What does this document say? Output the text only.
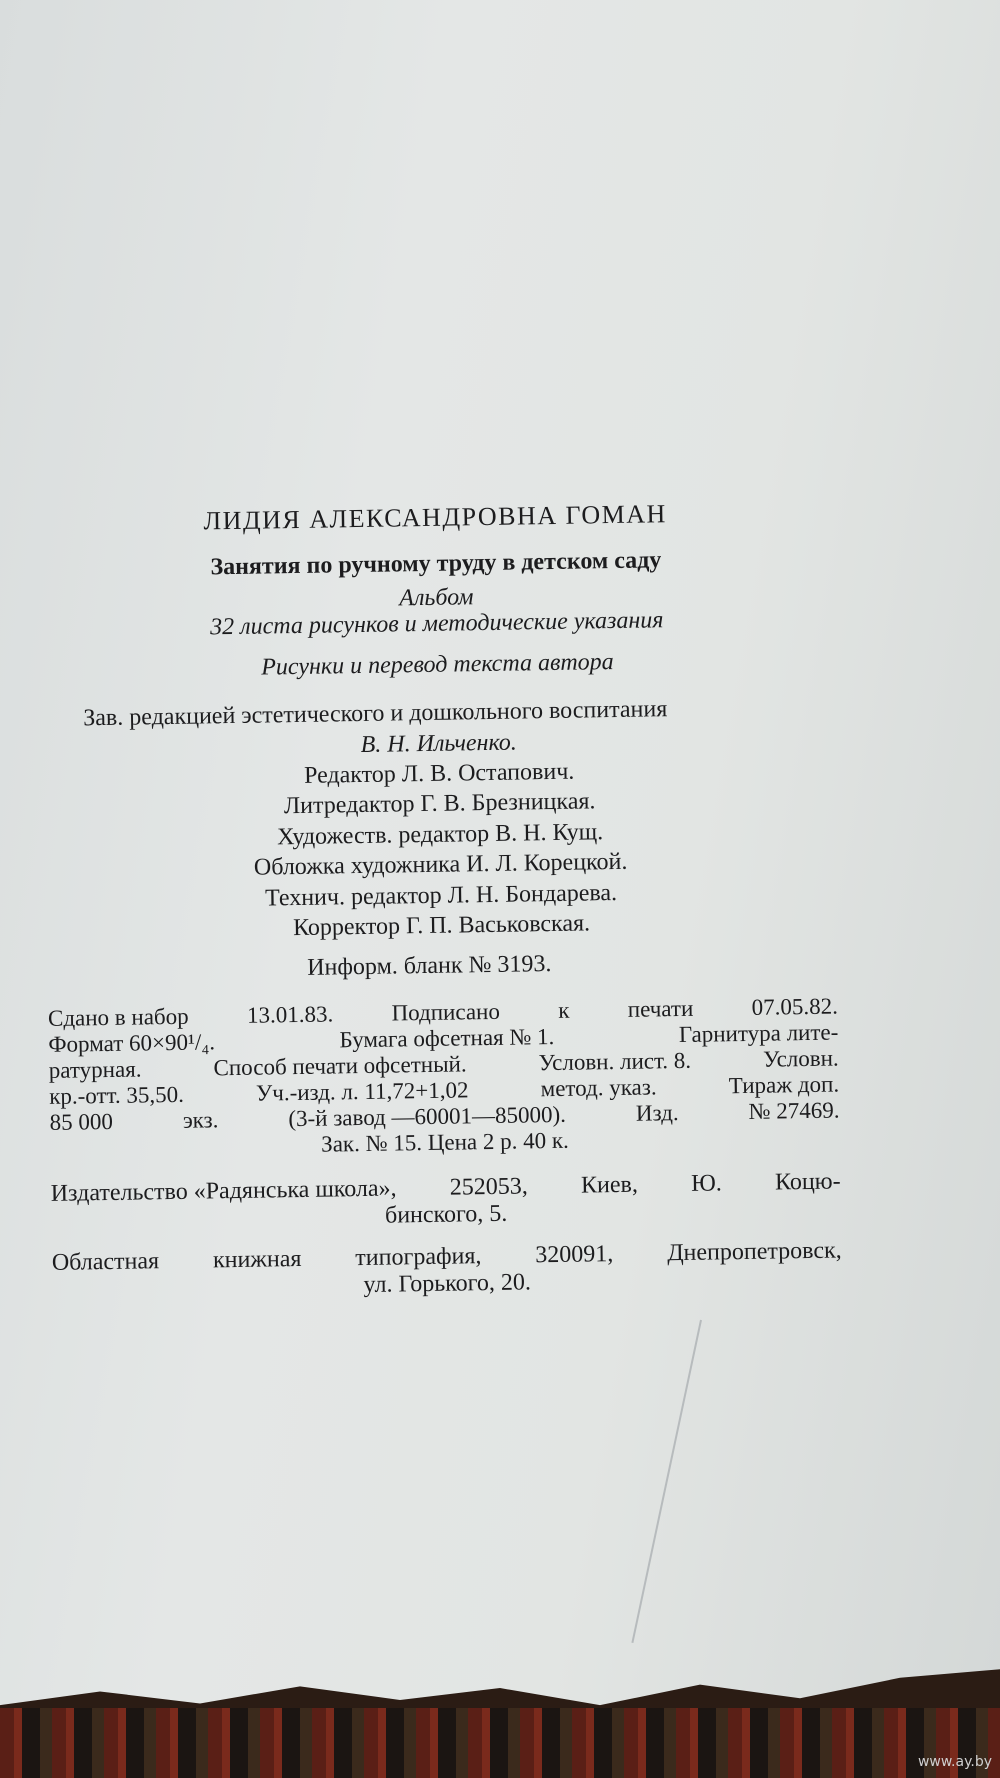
ЛИДИЯ АЛЕКСАНДРОВНА ГОМАН
Занятия по ручному труду в детском саду
Альбом
32 листа рисунков и методические указания
Рисунки и перевод текста автора
Зав. редакцией эстетического и дошкольного воспитания
В. Н. Ильченко.
Редактор Л. В. Остапович.
Литредактор Г. В. Брезницкая.
Художеств. редактор В. Н. Кущ.
Обложка художника И. Л. Корецкой.
Технич. редактор Л. Н. Бондарева.
Корректор Г. П. Васьковская.
Информ. бланк № 3193.
Сдано в набор	13.01.83.	Подписано	к	печати	07.05.82.
Формат 60×90¹/₄.	Бумага офсетная № 1.	Гарнитура лите-
ратурная.	Способ печати офсетный.	Условн. лист. 8.	Условн.
кр.-отт. 35,50.	Уч.-изд. л. 11,72+1,02	метод. указ.	Тираж доп.
85 000	экз.	(3-й завод —60001—85000).	Изд.	№ 27469.
Зак. № 15. Цена 2 р. 40 к.
Издательство «Радянська школа», 252053, Киев, Ю. Коцю-
бинского, 5.
Областная книжная типография, 320091, Днепропетровск,
ул. Горького, 20.
www.ay.by
